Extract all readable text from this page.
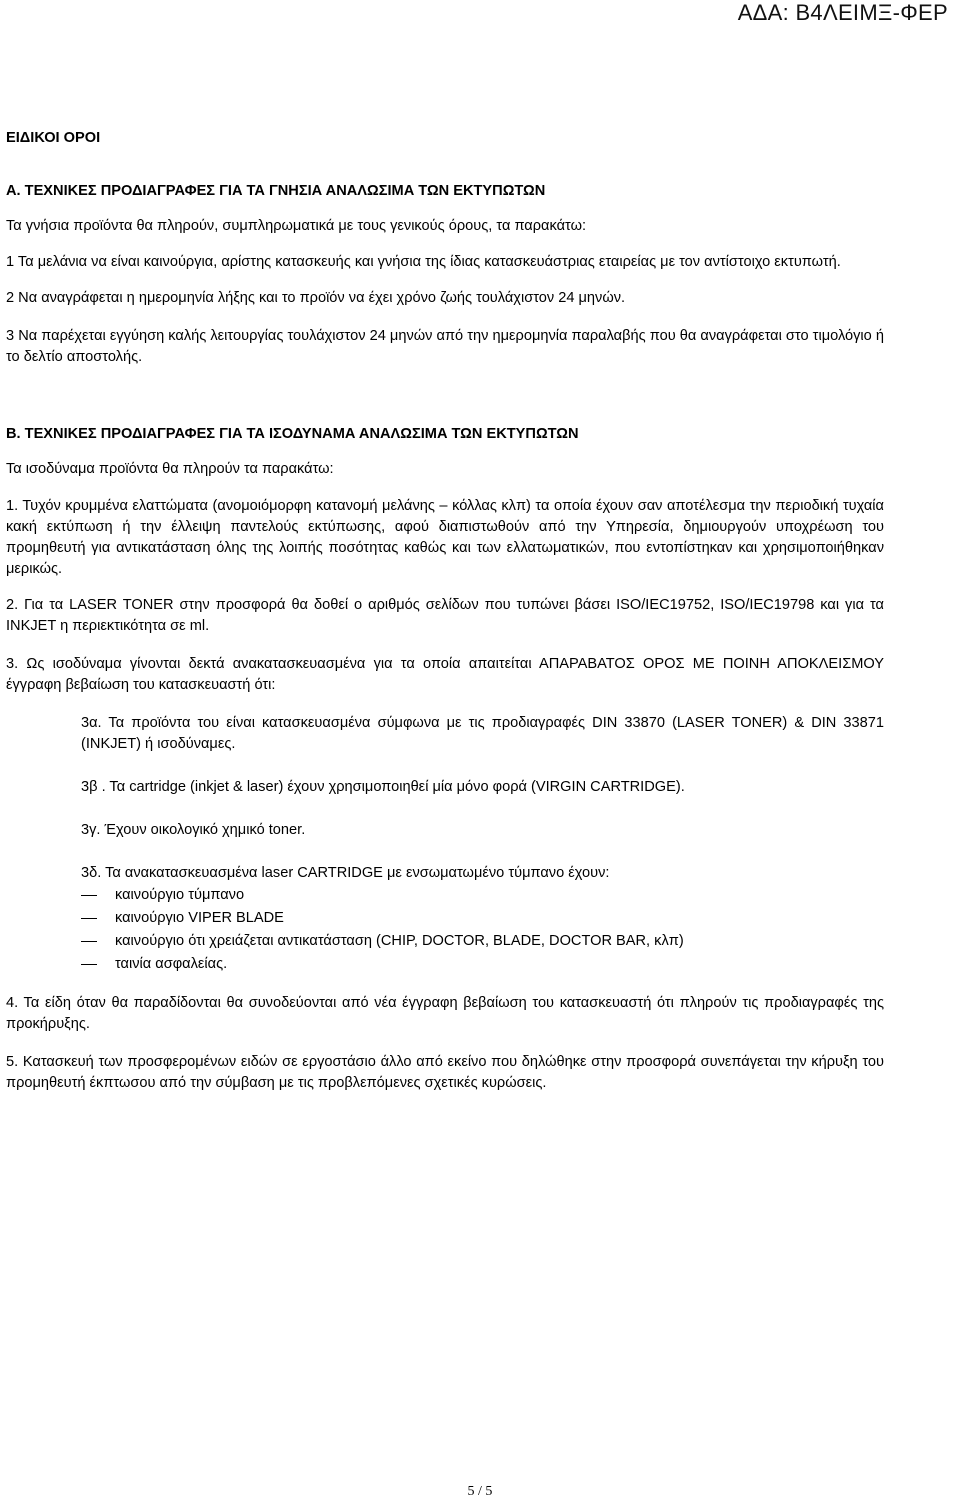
ΑΔΑ: Β4ΛΕΙΜΞ-ΦΕΡ

ΕΙΔΙΚΟΙ ΟΡΟΙ

Α. ΤΕΧΝΙΚΕΣ ΠΡΟΔΙΑΓΡΑΦΕΣ ΓΙΑ ΤΑ ΓΝΗΣΙΑ ΑΝΑΛΩΣΙΜΑ ΤΩΝ ΕΚΤΥΠΩΤΩΝ

Τα γνήσια προϊόντα θα πληρούν, συμπληρωματικά με τους γενικούς όρους, τα παρακάτω:

1 Τα μελάνια να είναι καινούργια, αρίστης κατασκευής και γνήσια της ίδιας κατασκευάστριας εταιρείας με τον αντίστοιχο εκτυπωτή.

2 Να αναγράφεται η ημερομηνία λήξης και το προϊόν να έχει χρόνο ζωής τουλάχιστον 24 μηνών.

3 Να παρέχεται εγγύηση καλής λειτουργίας τουλάχιστον 24 μηνών από την ημερομηνία παραλαβής που θα αναγράφεται στο τιμολόγιο ή το δελτίο αποστολής.

Β. ΤΕΧΝΙΚΕΣ ΠΡΟΔΙΑΓΡΑΦΕΣ ΓΙΑ ΤΑ ΙΣΟΔΥΝΑΜΑ ΑΝΑΛΩΣΙΜΑ ΤΩΝ ΕΚΤΥΠΩΤΩΝ

Τα ισοδύναμα προϊόντα θα πληρούν τα παρακάτω:

1. Τυχόν κρυμμένα ελαττώματα (ανομοιόμορφη κατανομή μελάνης – κόλλας κλπ) τα οποία έχουν σαν αποτέλεσμα την περιοδική τυχαία κακή εκτύπωση ή την έλλειψη παντελούς εκτύπωσης, αφού διαπιστωθούν από την Υπηρεσία, δημιουργούν υποχρέωση του προμηθευτή για αντικατάσταση όλης της λοιπής ποσότητας καθώς και των ελλατωματικών, που εντοπίστηκαν και χρησιμοποιήθηκαν μερικώς.

2. Για τα LASER TONER στην προσφορά θα δοθεί ο αριθμός σελίδων που τυπώνει βάσει ISO/IEC19752, ISO/IEC19798 και για τα INKJET η περιεκτικότητα σε ml.

3. Ως ισοδύναμα γίνονται δεκτά ανακατασκευασμένα για τα οποία απαιτείται ΑΠΑΡΑΒΑΤΟΣ ΟΡΟΣ ΜΕ ΠΟΙΝΗ ΑΠΟΚΛΕΙΣΜΟΥ έγγραφη βεβαίωση του κατασκευαστή ότι:

3α. Τα προϊόντα του είναι κατασκευασμένα σύμφωνα με τις προδιαγραφές DIN 33870 (LASER TONER) & DIN 33871 (INKJET) ή ισοδύναμες.

3β . Τα cartridge (inkjet & laser) έχουν χρησιμοποιηθεί μία μόνο φορά (VIRGIN CARTRIDGE).

3γ. Έχουν οικολογικό χημικό toner.

3δ. Τα ανακατασκευασμένα laser CARTRIDGE με ενσωματωμένο τύμπανο έχουν:

καινούργιο τύμπανο
καινούργιο VIPER BLADE
καινούργιο ότι χρειάζεται αντικατάσταση (CHIP, DOCTOR, BLADE, DOCTOR BAR, κλπ)
ταινία ασφαλείας.

4. Τα είδη όταν θα παραδίδονται θα συνοδεύονται από νέα έγγραφη βεβαίωση του κατασκευαστή ότι πληρούν τις προδιαγραφές της προκήρυξης.

5. Κατασκευή των προσφερομένων ειδών σε εργοστάσιο άλλο από εκείνο που δηλώθηκε στην προσφορά συνεπάγεται την κήρυξη του προμηθευτή έκπτωσου από την σύμβαση με τις προβλεπόμενες σχετικές κυρώσεις.

5 / 5
